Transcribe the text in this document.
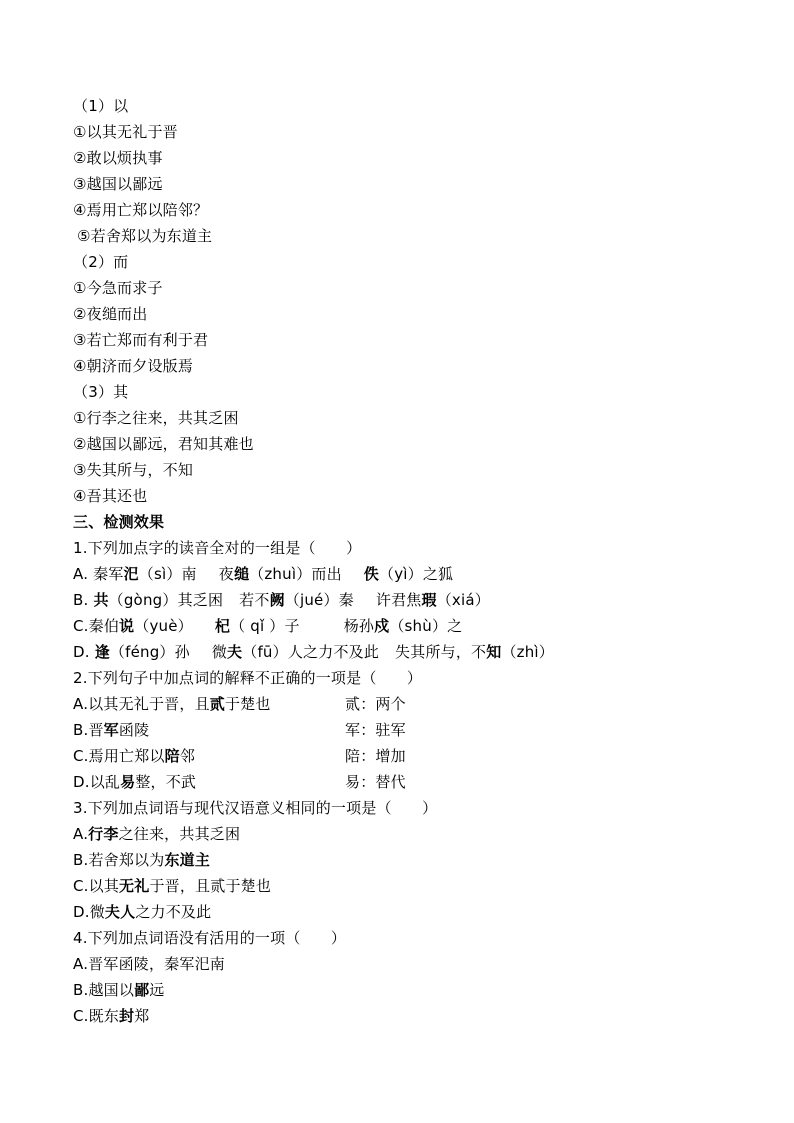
（1）以
①以其无礼于晋
②敢以烦执事
③越国以鄙远
④焉用亡郑以陪邻？
⑤若舍郑以为东道主
（2）而
①今急而求子
②夜缒而出
③若亡郑而有利于君
④朝济而夕设版焉
（3）其
①行李之往来，共其乏困
②越国以鄙远，君知其难也
③失其所与，不知
④吾其还也
三、检测效果
1.下列加点字的读音全对的一组是（　　）
A. 秦军汜（sì）南 夜缒（zhuì）而出 佚（yì）之狐
B. 共（gòng）其乏困 若不阙（jué）秦 许君焦瑕（xiá）
C.秦伯说（yuè） 杞（ qǐ ）子	杨孙戍（shù）之
D. 逢（féng）孙 微夫（fū）人之力不及此 失其所与，不知（zhì）
2.下列句子中加点词的解释不正确的一项是（　　）
A.以其无礼于晋，且贰于楚也	贰：两个
B.晋军函陵	军：驻军
C.焉用亡郑以陪邻	陪：增加
D.以乱易整，不武	易：替代
3.下列加点词语与现代汉语意义相同的一项是（　　）
A.行李之往来，共其乏困
B.若舍郑以为东道主
C.以其无礼于晋，且贰于楚也
D.微夫人之力不及此
4.下列加点词语没有活用的一项（　　）
A.晋军函陵，秦军汜南
B.越国以鄙远
C.既东封郑
